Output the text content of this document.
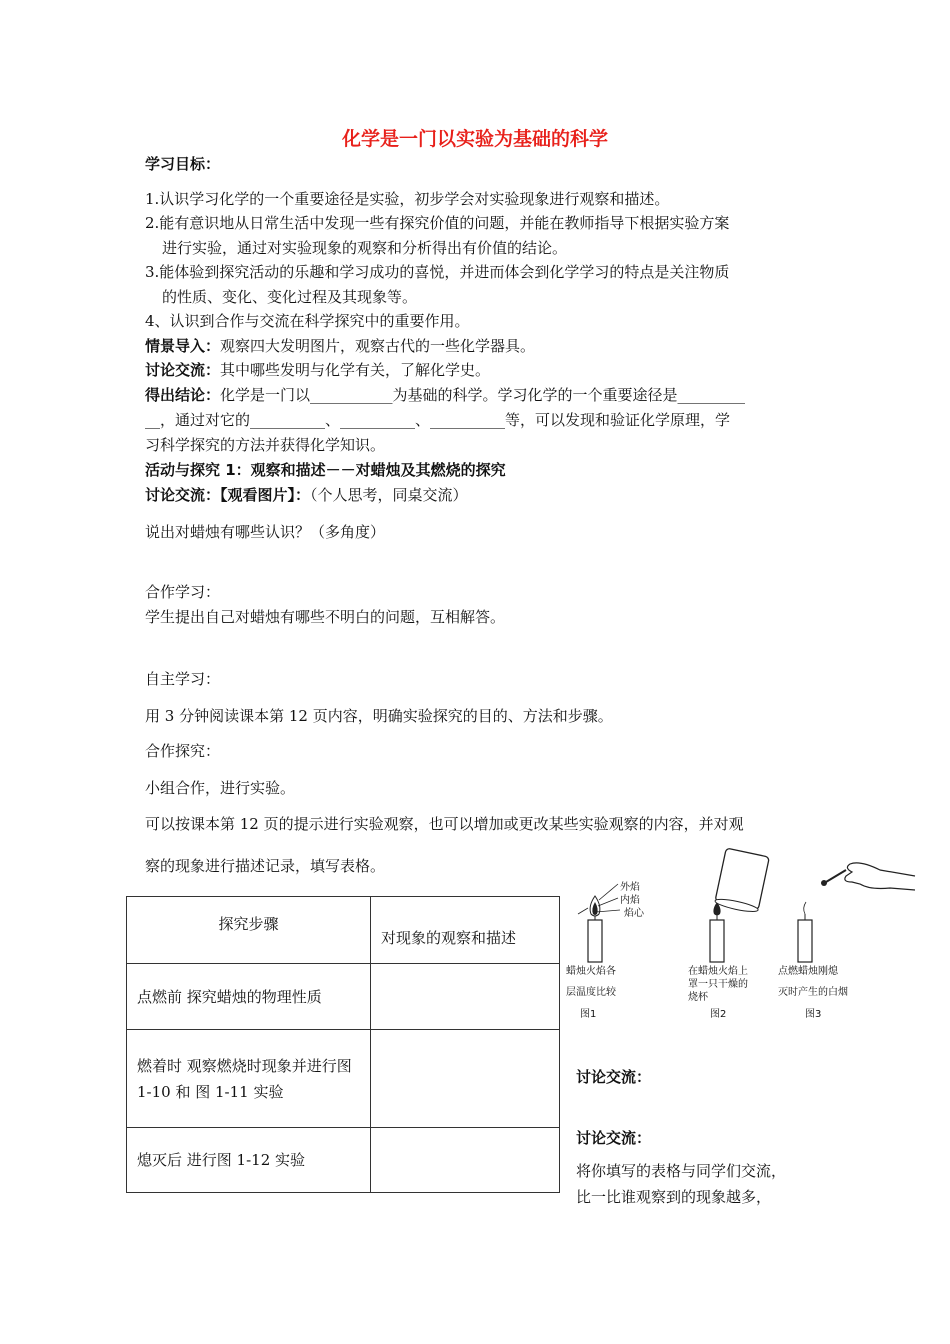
化学是一门以实验为基础的科学
学习目标：
1.认识学习化学的一个重要途径是实验，初步学会对实验现象进行观察和描述。
2.能有意识地从日常生活中发现一些有探究价值的问题，并能在教师指导下根据实验方案
进行实验，通过对实验现象的观察和分析得出有价值的结论。
3.能体验到探究活动的乐趣和学习成功的喜悦，并进而体会到化学学习的特点是关注物质
的性质、变化、变化过程及其现象等。
4、认识到合作与交流在科学探究中的重要作用。
情景导入：观察四大发明图片，观察古代的一些化学器具。
讨论交流：其中哪些发明与化学有关，了解化学史。
得出结论：化学是一门以___________为基础的科学。学习化学的一个重要途径是_________
__，通过对它的__________、__________、__________等，可以发现和验证化学原理，学
习科学探究的方法并获得化学知识。
活动与探究 1：观察和描述－－对蜡烛及其燃烧的探究
讨论交流：【观看图片】：（个人思考，同桌交流）
说出对蜡烛有哪些认识？（多角度）
合作学习：
学生提出自己对蜡烛有哪些不明白的问题，互相解答。
自主学习：
用 3 分钟阅读课本第 12 页内容，明确实验探究的目的、方法和步骤。
合作探究：
小组合作，进行实验。
可以按课本第 12 页的提示进行实验观察，也可以增加或更改某些实验观察的内容，并对观
察的现象进行描述记录，填写表格。
探究步骤	对现象的观察和描述
点燃前 探究蜡烛的物理性质	
燃着时 观察燃烧时现象并进行图 1-10 和 图 1-11 实验	
熄灭后 进行图 1-12 实验	
外焰
内焰
焰心
蜡烛火焰各
层温度比较
图1
在蜡烛火焰上
罩一只干燥的
烧杯
图2
点燃蜡烛刚熄
灭时产生的白烟
图3
讨论交流：
讨论交流：
将你填写的表格与同学们交流，
比一比谁观察到的现象越多，
